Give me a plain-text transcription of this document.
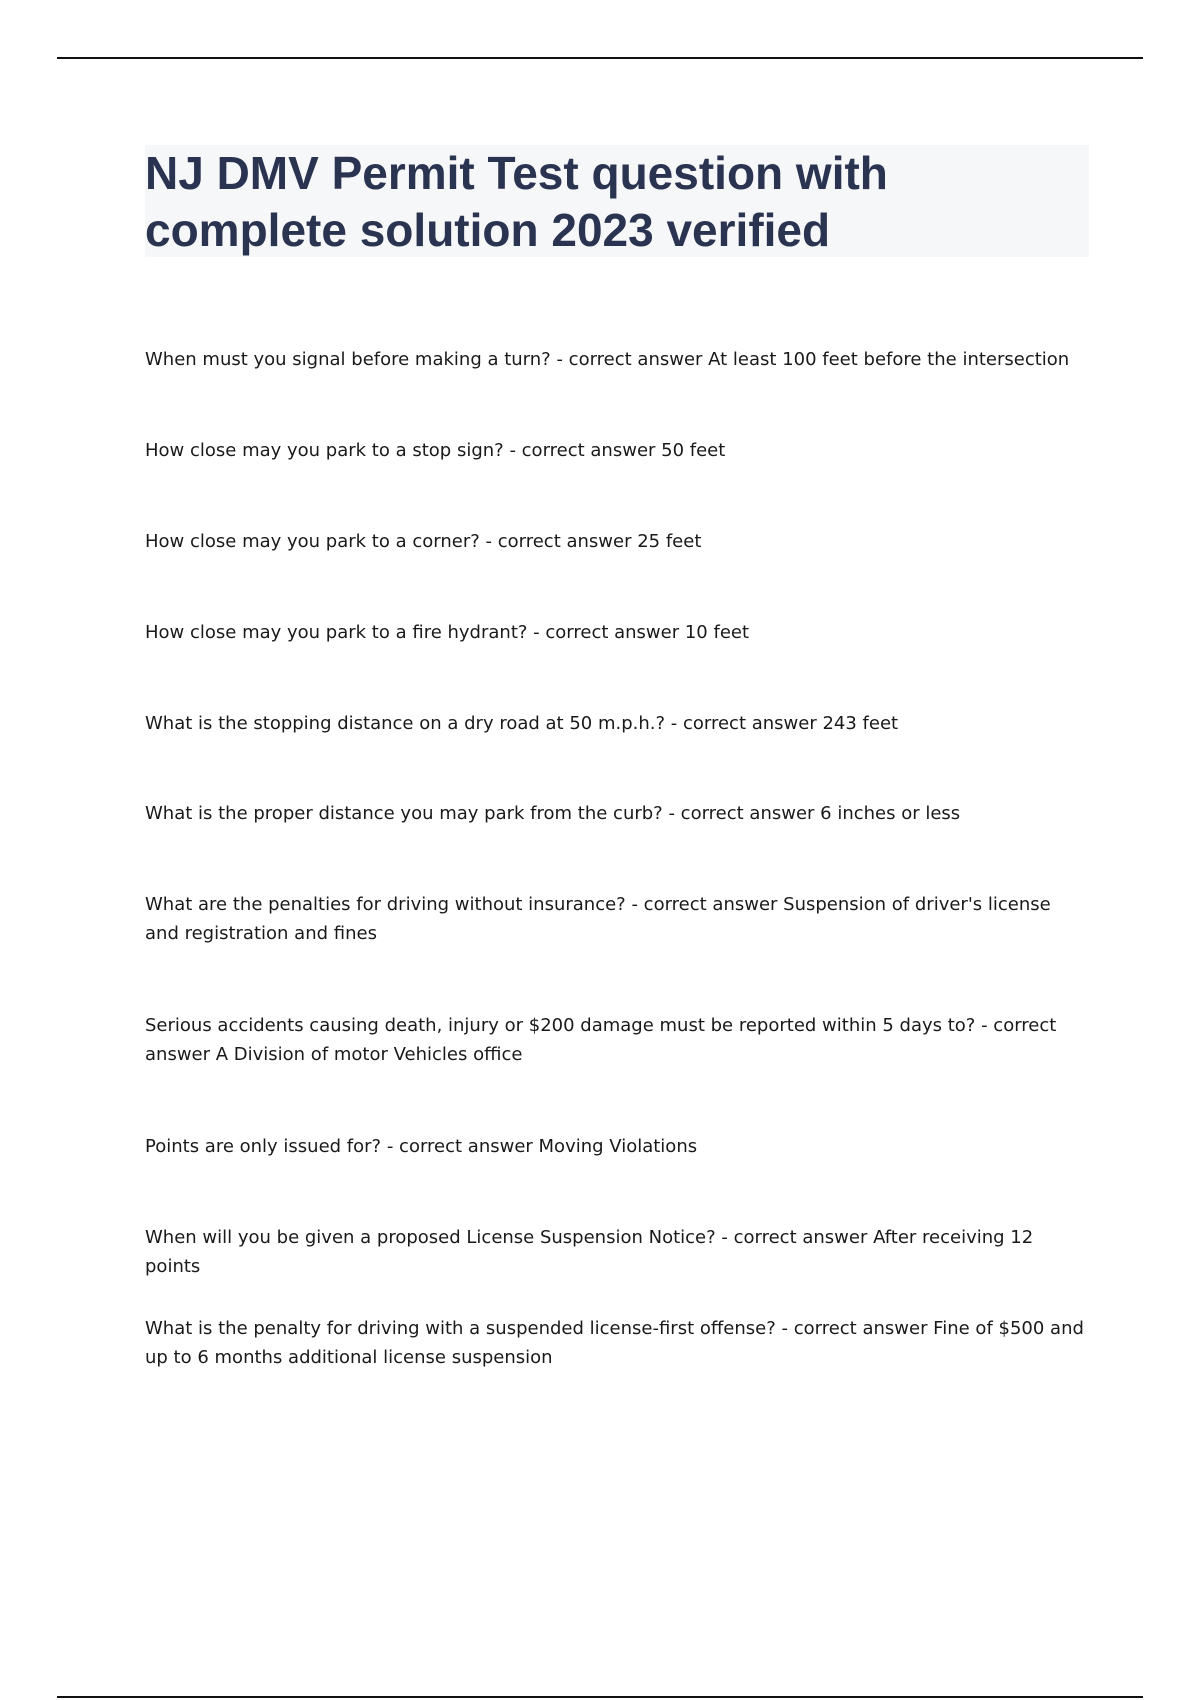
NJ DMV Permit Test question with complete solution 2023 verified

When must you signal before making a turn? - correct answer At least 100 feet before the intersection

How close may you park to a stop sign? - correct answer 50 feet

How close may you park to a corner? - correct answer 25 feet

How close may you park to a fire hydrant? - correct answer 10 feet

What is the stopping distance on a dry road at 50 m.p.h.? - correct answer 243 feet

What is the proper distance you may park from the curb? - correct answer 6 inches or less

What are the penalties for driving without insurance? - correct answer Suspension of driver's license and registration and fines

Serious accidents causing death, injury or $200 damage must be reported within 5 days to? - correct answer A Division of motor Vehicles office

Points are only issued for? - correct answer Moving Violations

When will you be given a proposed License Suspension Notice? - correct answer After receiving 12 points

What is the penalty for driving with a suspended license-first offense? - correct answer Fine of $500 and up to 6 months additional license suspension
